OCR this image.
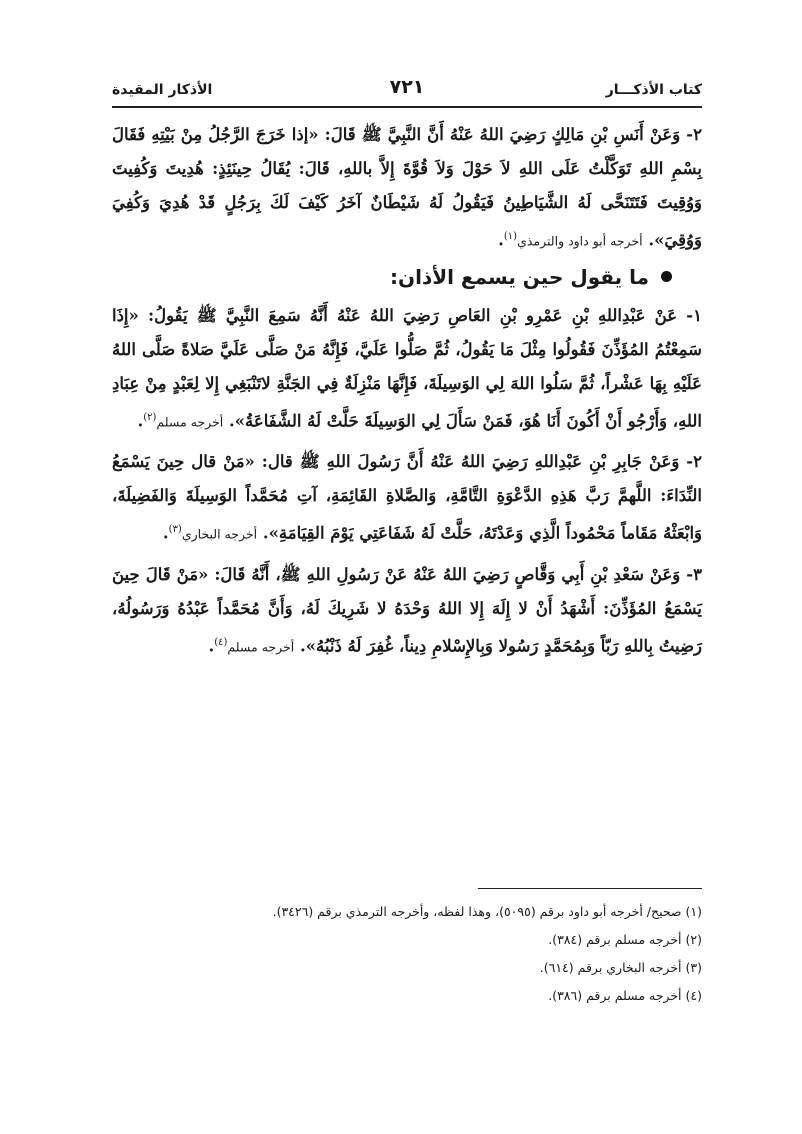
كتاب الأذكـــار
٧٢١
الأذكار المقيدة

٢- وَعَنْ أَنَسِ بْنِ مَالِكٍ رَضِيَ اللهُ عَنْهُ أَنَّ النَّبِيَّ ﷺ قَالَ: «إذا خَرَجَ الرَّجُلُ مِنْ بَيْتِهِ فَقَالَ بِسْمِ اللهِ تَوَكَّلْتُ عَلَى اللهِ لاَ حَوْلَ وَلاَ قُوَّةَ إِلاَّ باللهِ، قَالَ: يُقَالُ حِينَئِذٍ: هُدِيتَ وَكُفِيتَ وَوُقِيتَ فَتَتَنَحَّى لَهُ الشَّيَاطِينُ فَيَقُولُ لَهُ شَيْطَانٌ آخَرُ كَيْفَ لَكَ بِرَجُلٍ قَدْ هُدِيَ وَكُفِيَ وَوُقِيَ». أخرجه أبو داود والترمذي$^{(١)}$.

ما يقول حين يسمع الأذان:

١- عَنْ عَبْدِاللهِ بْنِ عَمْرِو بْنِ العَاصِ رَضِيَ اللهُ عَنْهُ أَنَّهُ سَمِعَ النَّبِيَّ ﷺ يَقُولُ: «إِذَا سَمِعْتُمُ المُؤَذِّنَ فَقُولُوا مِثْلَ مَا يَقُولُ، ثُمَّ صَلُّوا عَلَيَّ، فَإِنَّهُ مَنْ صَلَّى عَلَيَّ صَلاةً صَلَّى اللهُ عَلَيْهِ بِهَا عَشْراً، ثُمَّ سَلُوا اللهَ لِي الوَسِيلَةَ، فَإِنَّهَا مَنْزِلَةٌ فِي الجَنَّةِ لاتَنْبَغِي إِلا لِعَبْدٍ مِنْ عِبَادِ اللهِ، وَأَرْجُو أَنْ أَكُونَ أَنَا هُوَ، فَمَنْ سَأَلَ لِي الوَسِيلَةَ حَلَّتْ لَهُ الشَّفَاعَةُ». أخرجه مسلم$^{(٢)}$.

٢- وَعَنْ جَابِرِ بْنِ عَبْدِاللهِ رَضِيَ اللهُ عَنْهُ أَنَّ رَسُولَ اللهِ ﷺ قال: «مَنْ قال حِينَ يَسْمَعُ النِّدَاءَ: اللَّهمَّ رَبَّ هَذِهِ الدَّعْوَةِ التَّامَّةِ، وَالصَّلاةِ القَائِمَةِ، آتِ مُحَمَّداً الوَسِيلَةَ وَالفَضِيلَةَ، وَابْعَثْهُ مَقَاماً مَحْمُوداً الَّذِي وَعَدْتَهُ، حَلَّتْ لَهُ شَفَاعَتِي يَوْمَ القِيَامَةِ». أخرجه البخاري$^{(٣)}$.

٣- وَعَنْ سَعْدِ بْنِ أَبِي وَقَّاصٍ رَضِيَ اللهُ عَنْهُ عَنْ رَسُولِ اللهِ ﷺ، أَنَّهُ قَالَ: «مَنْ قَالَ حِينَ يَسْمَعُ المُؤَذِّنَ: أَشْهَدُ أَنْ لا إِلَهَ إِلا اللهُ وَحْدَهُ لا شَرِيكَ لَهُ، وَأَنَّ مُحَمَّداً عَبْدُهُ وَرَسُولُهُ، رَضِيتُ بِاللهِ رَبّاً وَبِمُحَمَّدٍ رَسُولا وَبِالإِسْلامِ دِيناً، غُفِرَ لَهُ ذَنْبُهُ». أخرجه مسلم$^{(٤)}$.

(١) صحيح/ أخرجه أبو داود برقم (٥٠٩٥)، وهذا لفظه، وأخرجه الترمذي برقم (٣٤٢٦).

(٢) أخرجه مسلم برقم (٣٨٤).

(٣) أخرجه البخاري برقم (٦١٤).

(٤) أخرجه مسلم برقم (٣٨٦).
